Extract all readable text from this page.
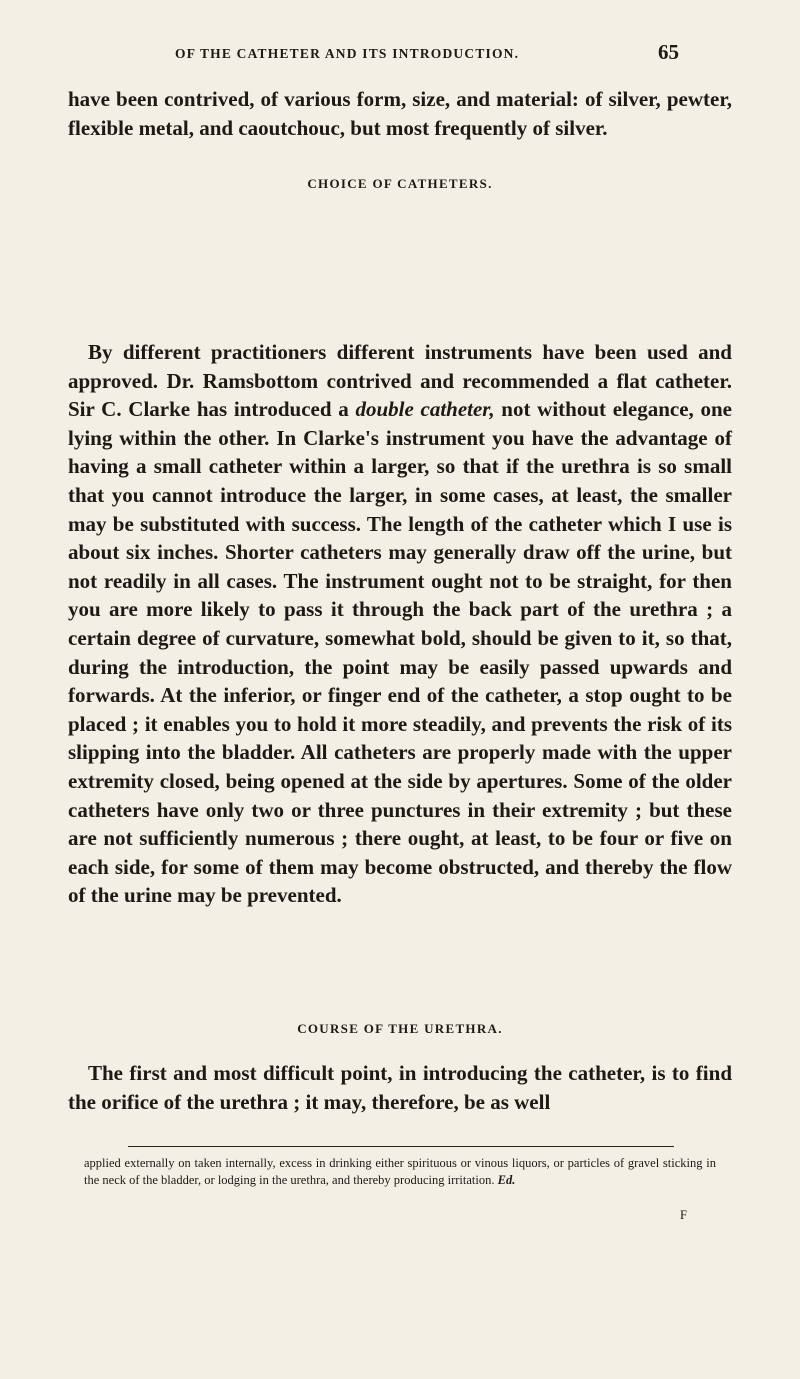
OF THE CATHETER AND ITS INTRODUCTION.	65

have been contrived, of various form, size, and material: of silver, pewter, flexible metal, and caoutchouc, but most frequently of silver.

CHOICE OF CATHETERS.

By different practitioners different instruments have been used and approved. Dr. Ramsbottom contrived and recommended a flat catheter. Sir C. Clarke has introduced a double catheter, not without elegance, one lying within the other. In Clarke's instrument you have the advantage of having a small catheter within a larger, so that if the urethra is so small that you cannot introduce the larger, in some cases, at least, the smaller may be substituted with success. The length of the catheter which I use is about six inches. Shorter catheters may generally draw off the urine, but not readily in all cases. The instrument ought not to be straight, for then you are more likely to pass it through the back part of the urethra ; a certain degree of curvature, somewhat bold, should be given to it, so that, during the introduction, the point may be easily passed upwards and forwards. At the inferior, or finger end of the catheter, a stop ought to be placed ; it enables you to hold it more steadily, and prevents the risk of its slipping into the bladder. All catheters are properly made with the upper extremity closed, being opened at the side by apertures. Some of the older catheters have only two or three punctures in their extremity ; but these are not sufficiently numerous ; there ought, at least, to be four or five on each side, for some of them may become obstructed, and thereby the flow of the urine may be prevented.

COURSE OF THE URETHRA.

The first and most difficult point, in introducing the catheter, is to find the orifice of the urethra ; it may, therefore, be as well

applied externally on taken internally, excess in drinking either spirituous or vinous liquors, or particles of gravel sticking in the neck of the bladder, or lodging in the urethra, and thereby producing irritation. Ed.

F
